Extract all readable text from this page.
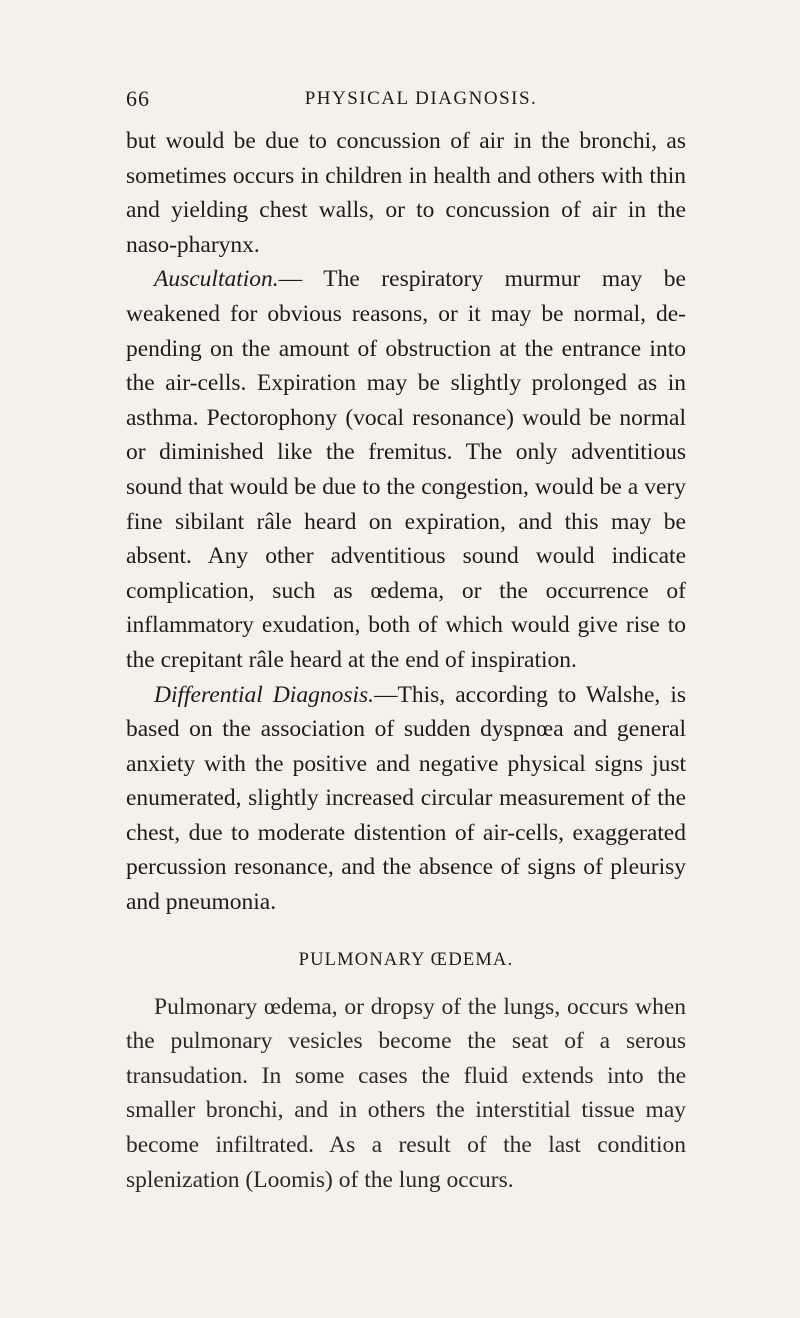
66	PHYSICAL DIAGNOSIS.

but would be due to concussion of air in the bronchi, as sometimes occurs in children in health and others with thin and yielding chest walls, or to concussion of air in the naso-pharynx.

Auscultation.— The respiratory murmur may be weakened for obvious reasons, or it may be normal, depending on the amount of obstruction at the entrance into the air-cells. Expiration may be slightly prolonged as in asthma. Pectorophony (vocal resonance) would be normal or diminished like the fremitus. The only adventitious sound that would be due to the congestion, would be a very fine sibilant râle heard on expiration, and this may be absent. Any other adventitious sound would indicate complication, such as œdema, or the occurrence of inflammatory exudation, both of which would give rise to the crepitant râle heard at the end of inspiration.

Differential Diagnosis.—This, according to Walshe, is based on the association of sudden dyspnœa and general anxiety with the positive and negative physical signs just enumerated, slightly increased circular measurement of the chest, due to moderate distention of air-cells, exaggerated percussion resonance, and the absence of signs of pleurisy and pneumonia.

PULMONARY ŒDEMA.

Pulmonary œdema, or dropsy of the lungs, occurs when the pulmonary vesicles become the seat of a serous transudation. In some cases the fluid extends into the smaller bronchi, and in others the interstitial tissue may become infiltrated. As a result of the last condition splenization (Loomis) of the lung occurs.
